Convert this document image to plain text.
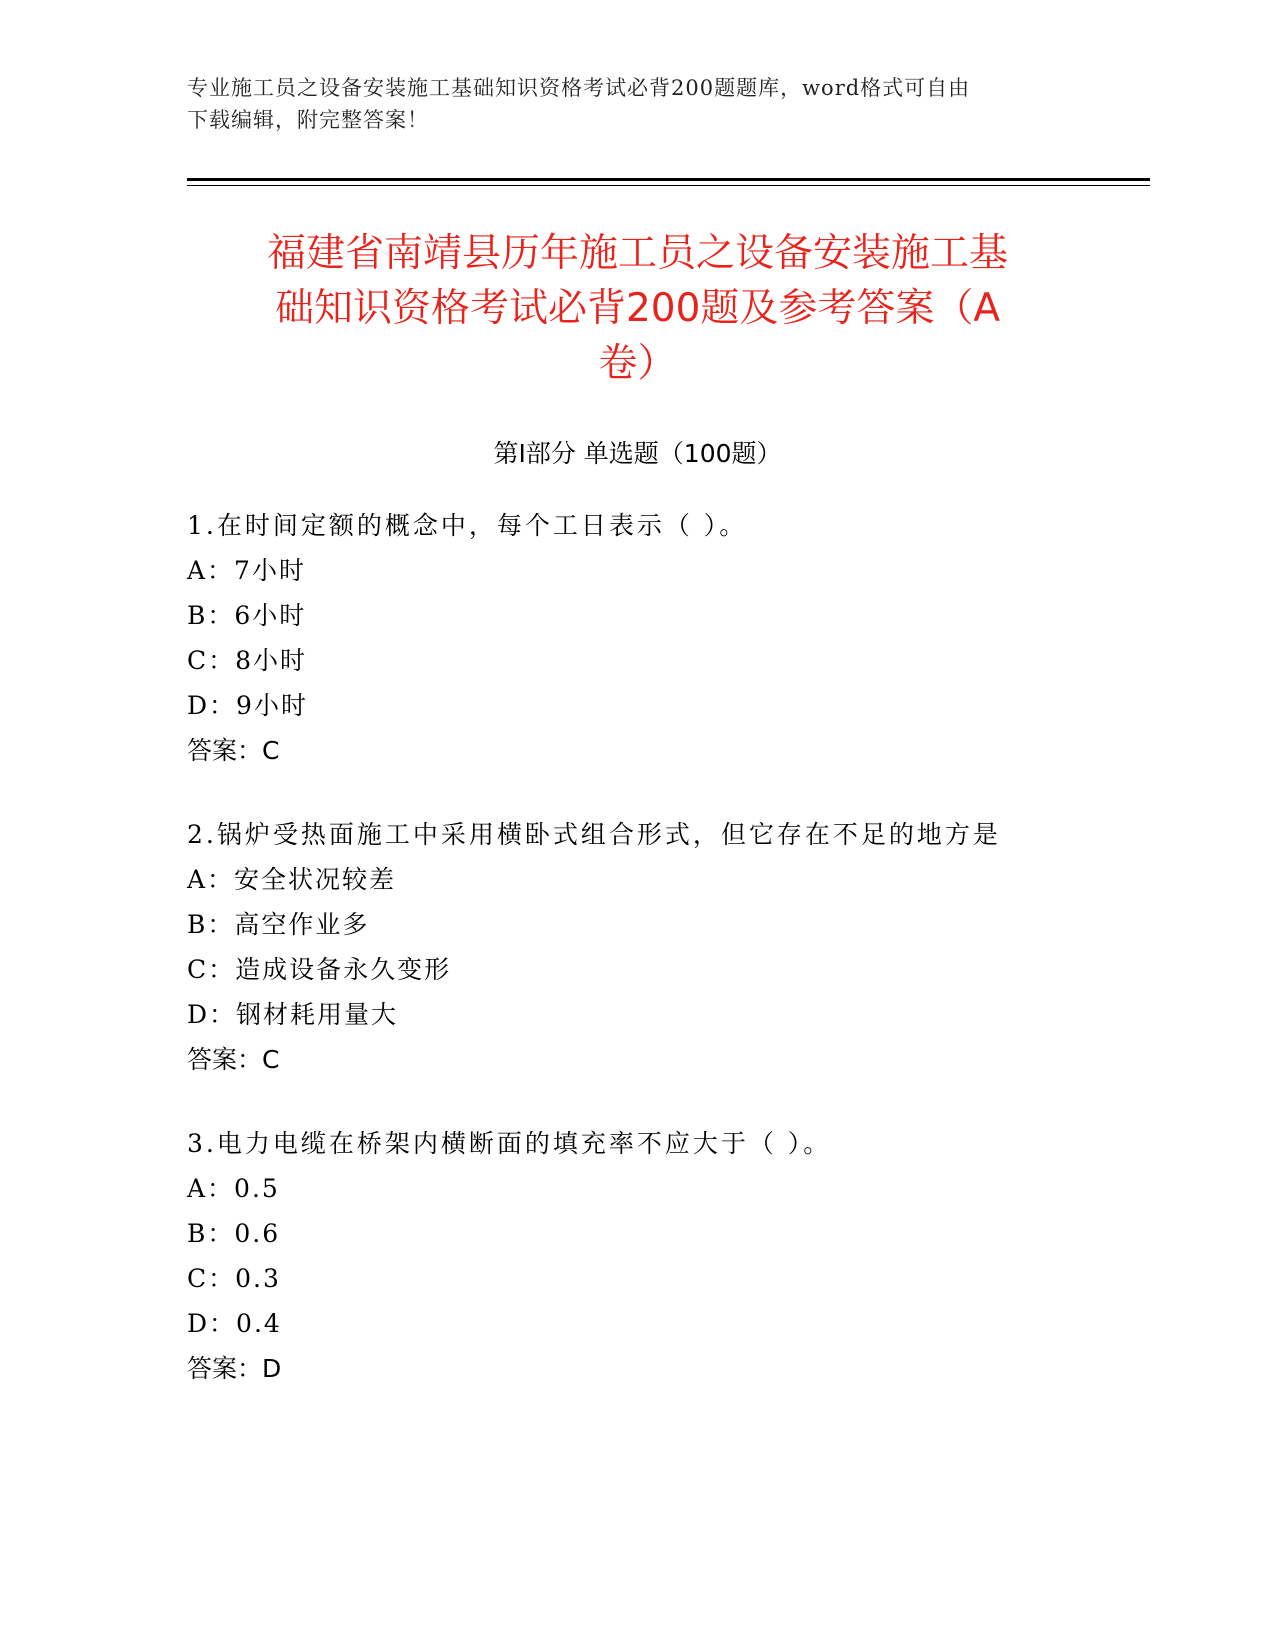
专业施工员之设备安装施工基础知识资格考试必背200题题库，word格式可自由
下载编辑，附完整答案！
福建省南靖县历年施工员之设备安装施工基
础知识资格考试必背200题及参考答案（A
卷）
第Ⅰ部分 单选题（100题）
1.在时间定额的概念中，每个工日表示（ ）。
A：7小时
B：6小时
C：8小时
D：9小时
答案：C
2.锅炉受热面施工中采用横卧式组合形式，但它存在不足的地方是
A：安全状况较差
B：高空作业多
C：造成设备永久变形
D：钢材耗用量大
答案：C
3.电力电缆在桥架内横断面的填充率不应大于（ ）。
A：0.5
B：0.6
C：0.3
D：0.4
答案：D
